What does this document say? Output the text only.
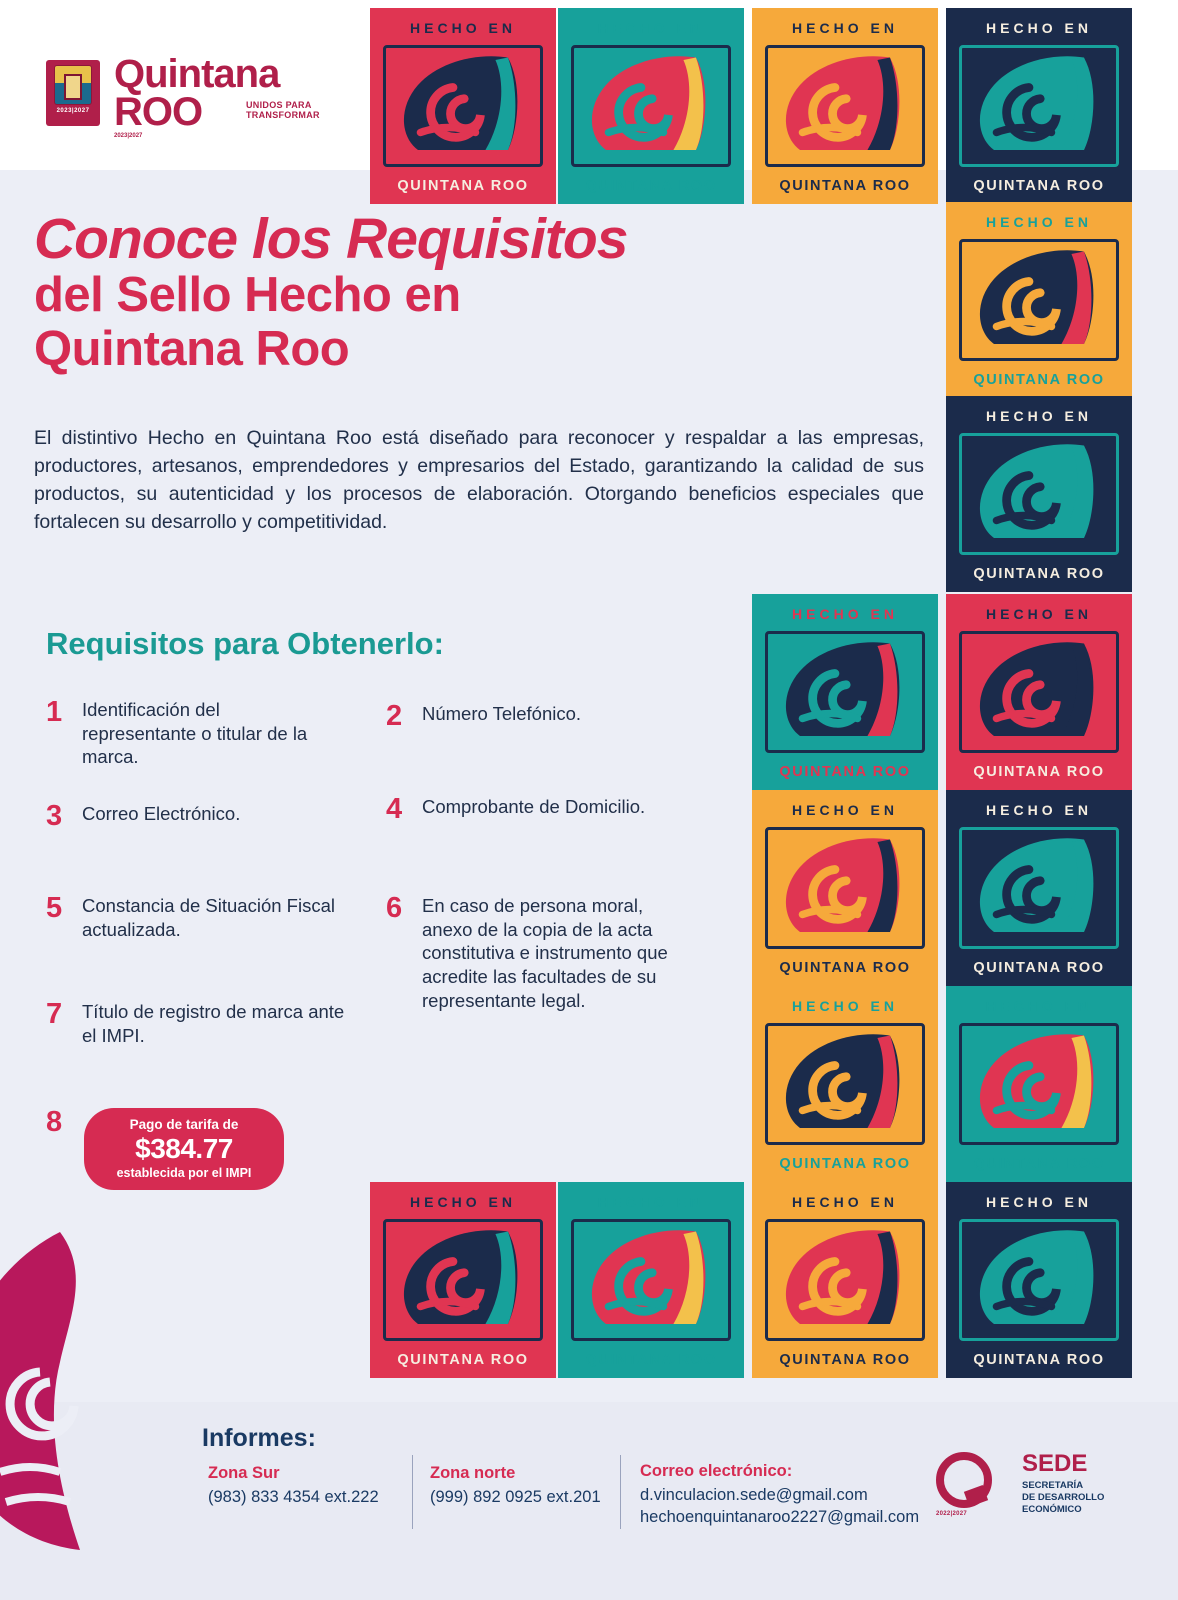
2023|2027
Quintana
ROO	UNIDOS PARA
TRANSFORMAR
2023|2027
Conoce los Requisitos
del Sello Hecho en
Quintana Roo
El distintivo Hecho en Quintana Roo está diseñado para reconocer y respaldar a las empresas, productores, artesanos, emprendedores y empresarios del Estado, garantizando la calidad de sus productos, su autenticidad y los procesos de elaboración. Otorgando beneficios especiales que fortalecen su desarrollo y competitividad.
Requisitos para Obtenerlo:
1	Identificación del representante o titular de la marca.
2	Número Telefónico.
3	Correo Electrónico.	4	Comprobante de Domicilio.
5	Constancia de Situación Fiscal actualizada.
6	En caso de persona moral, anexo de la copia de la acta constitutiva e instrumento que acredite las facultades de su representante legal.
7	Título de registro de marca ante el IMPI.
8	Pago de tarifa de
$384.77
establecida por el IMPI
HECHO EN
QUINTANA ROO
HECHO EN
QUINTANA ROO
HECHO EN
QUINTANA ROO
HECHO EN
QUINTANA ROO
HECHO EN
QUINTANA ROO
HECHO EN
QUINTANA ROO
HECHO EN
QUINTANA ROO
HECHO EN
QUINTANA ROO
HECHO EN
QUINTANA ROO
HECHO EN
QUINTANA ROO
HECHO EN
QUINTANA ROO
HECHO EN
QUINTANA ROO
HECHO EN
QUINTANA ROO
HECHO EN
QUINTANA ROO
HECHO EN
QUINTANA ROO
HECHO EN
QUINTANA ROO
Informes:
Zona Sur
(983) 833 4354 ext.222
Zona norte
(999) 892 0925 ext.201
Correo electrónico:
d.vinculacion.sede@gmail.com
hechoenquintanaroo2227@gmail.com	2022|2027
SEDE
SECRETARÍA
DE DESARROLLO
ECONÓMICO
